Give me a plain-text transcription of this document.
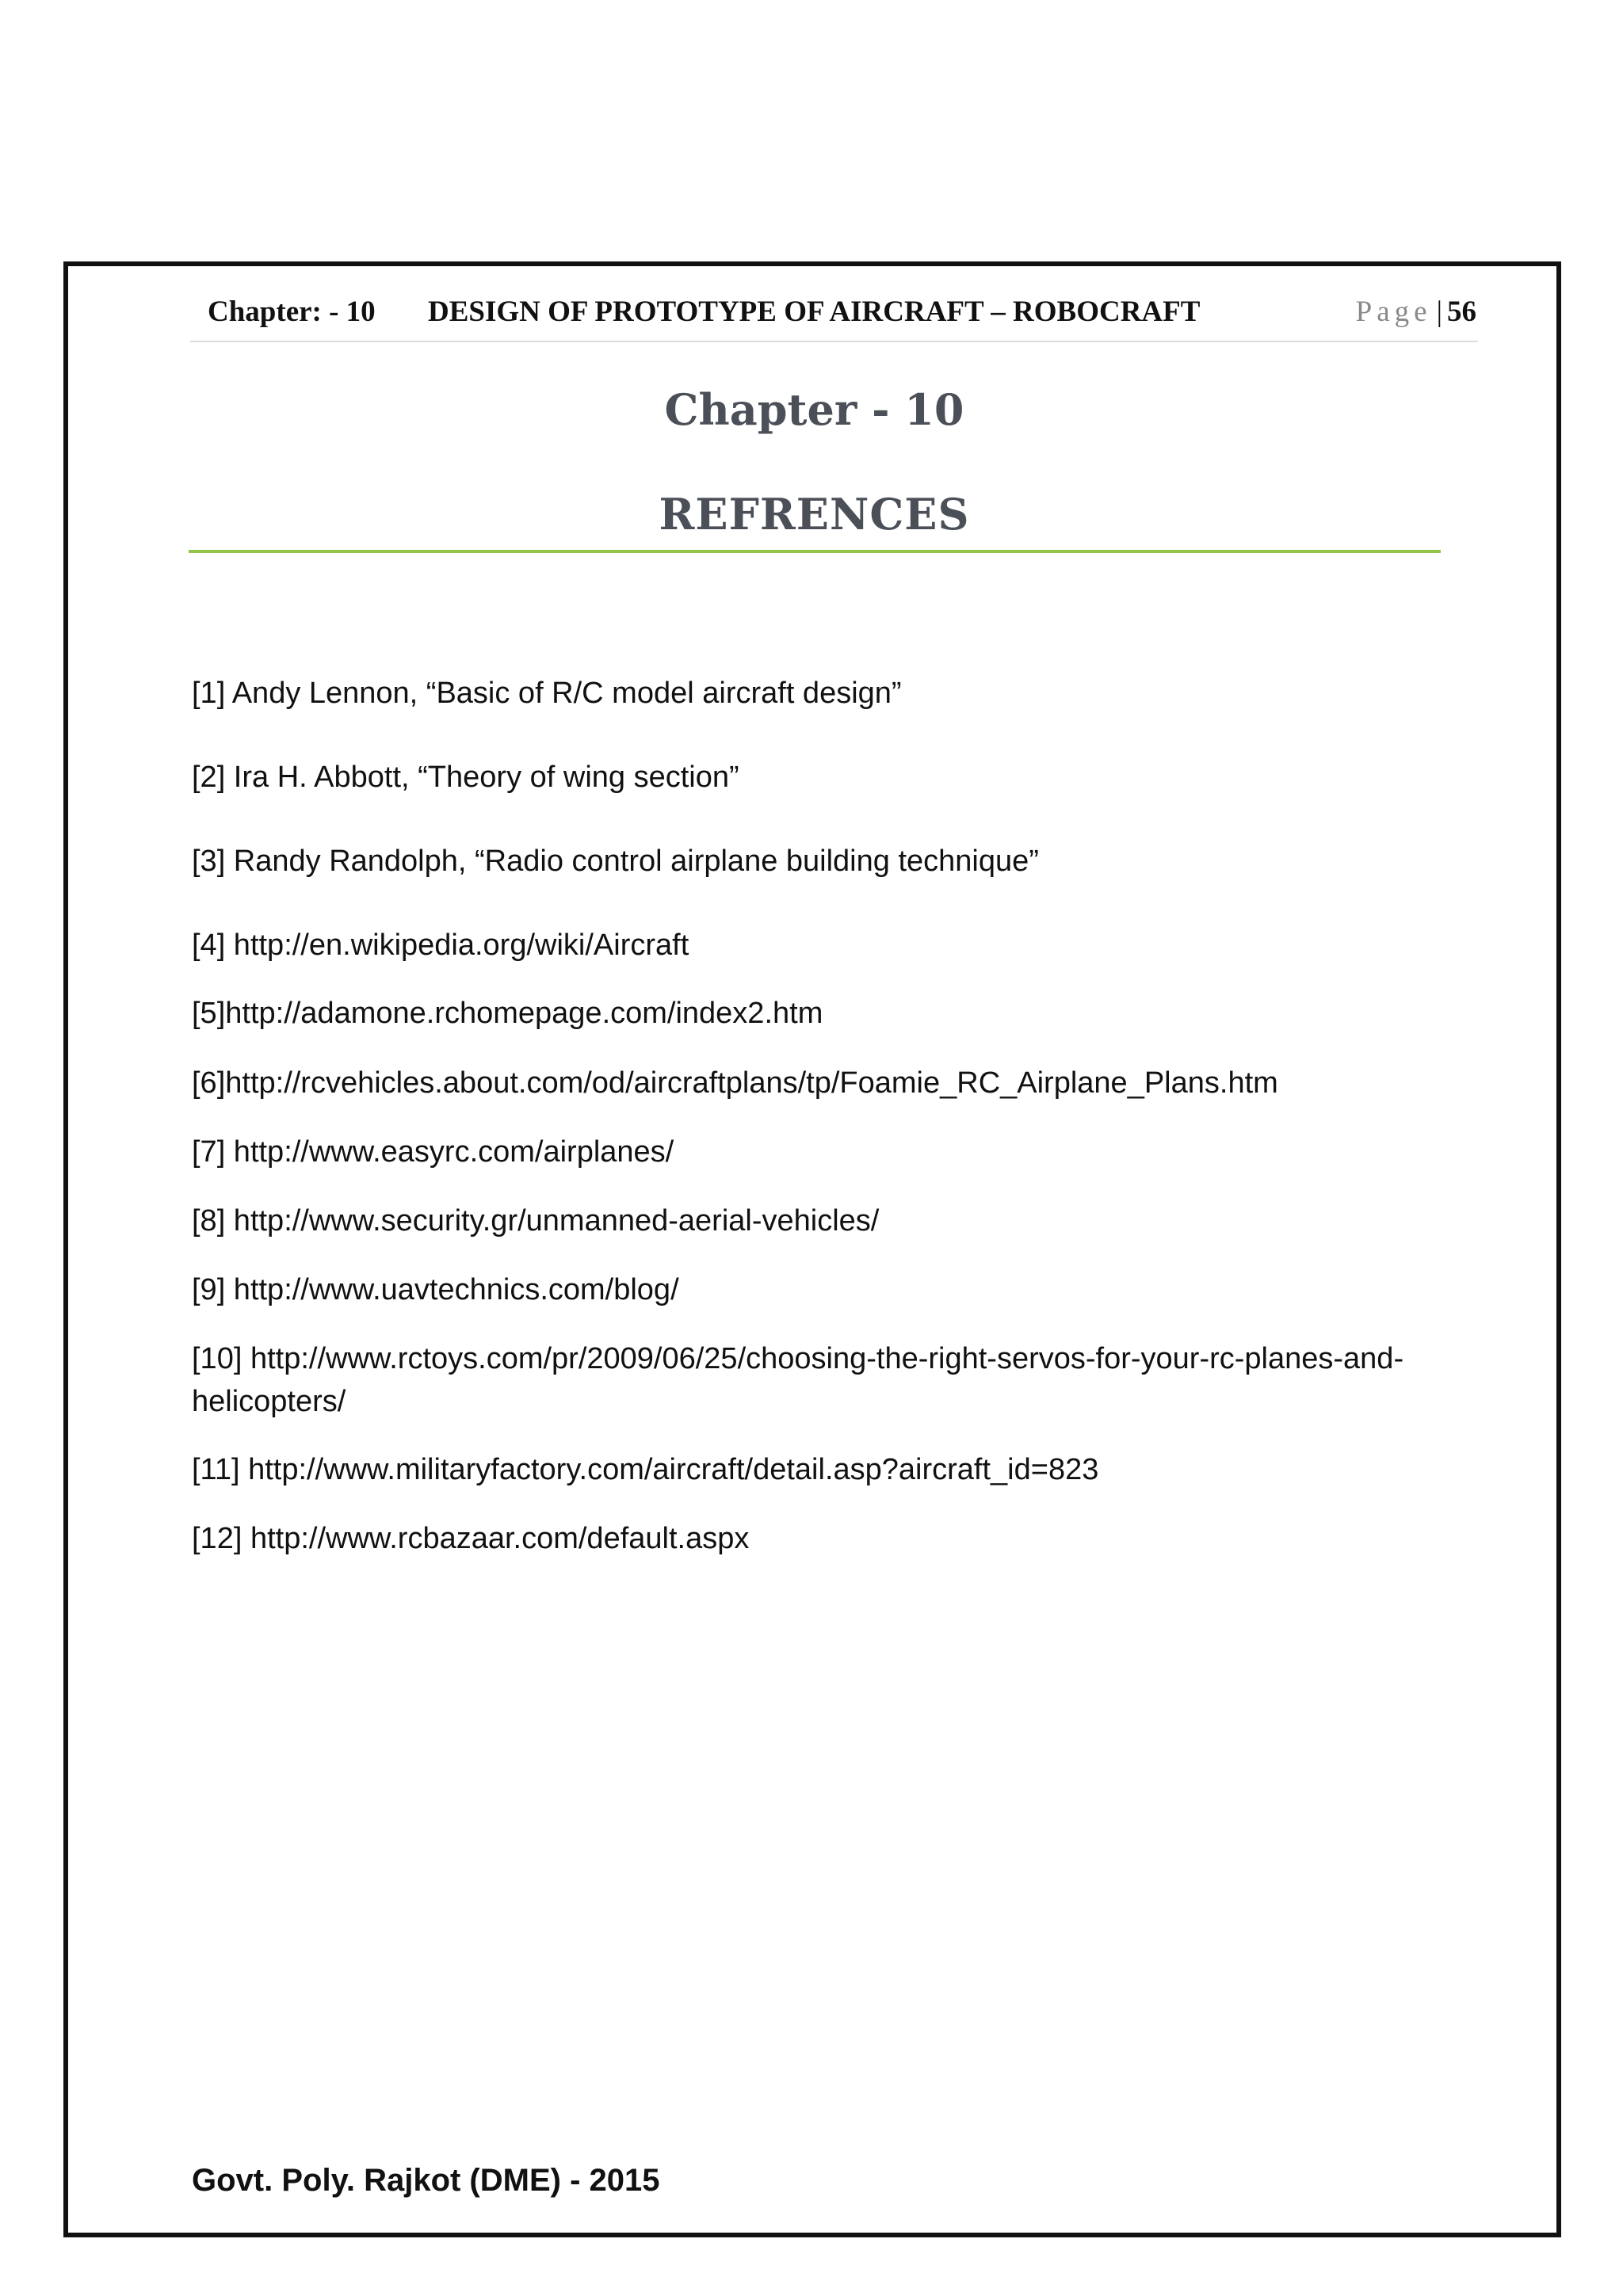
Chapter: - 10 DESIGN OF PROTOTYPE OF AIRCRAFT – ROBOCRAFT	Page | 56
Chapter - 10
REFRENCES

[1] Andy Lennon, “Basic of R/C model aircraft design”

[2] Ira H. Abbott, “Theory of wing section”

[3] Randy Randolph, “Radio control airplane building technique”

[4] http://en.wikipedia.org/wiki/Aircraft

[5]http://adamone.rchomepage.com/index2.htm

[6]http://rcvehicles.about.com/od/aircraftplans/tp/Foamie_RC_Airplane_Plans.htm

[7] http://www.easyrc.com/airplanes/

[8] http://www.security.gr/unmanned-aerial-vehicles/

[9] http://www.uavtechnics.com/blog/

[10] http://www.rctoys.com/pr/2009/06/25/choosing-the-right-servos-for-your-rc-planes-and-helicopters/

[11] http://www.militaryfactory.com/aircraft/detail.asp?aircraft_id=823

[12] http://www.rcbazaar.com/default.aspx

Govt. Poly. Rajkot (DME) - 2015
